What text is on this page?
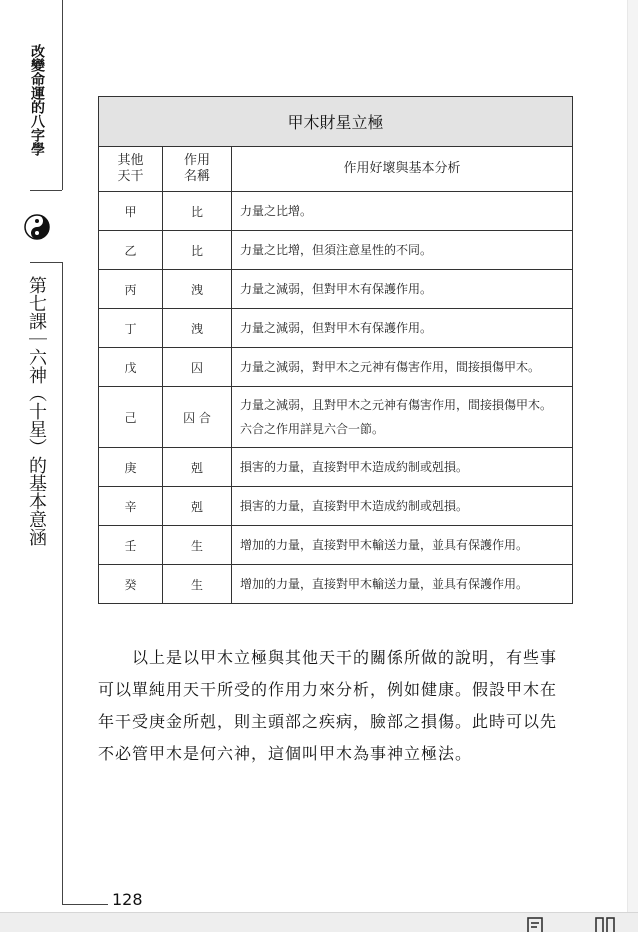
改變命運的八字學
第七課｜六神（十星）的基本意涵
甲木財星立極		
其他天干	作用名稱	作用好壞與基本分析
甲	比	力量之比增。

乙	比	力量之比增，但須注意星性的不同。

丙	洩	力量之減弱，但對甲木有保護作用。

丁	洩	力量之減弱，但對甲木有保護作用。

戊	囚	力量之減弱，對甲木之元神有傷害作用，間接損傷甲木。

己	囚 合	力量之減弱，且對甲木之元神有傷害作用，間接損傷甲木。
六合之作用詳見六合一節。

庚	剋	損害的力量，直接對甲木造成約制或剋損。

辛	剋	損害的力量，直接對甲木造成約制或剋損。

壬	生	增加的力量，直接對甲木輸送力量，並具有保護作用。

癸	生	增加的力量，直接對甲木輸送力量，並具有保護作用。
以上是以甲木立極與其他天干的關係所做的說明，有些事
可以單純用天干所受的作用力來分析，例如健康。假設甲木在
年干受庚金所剋，則主頭部之疾病，臉部之損傷。此時可以先
不必管甲木是何六神，這個叫甲木為事神立極法。
128
